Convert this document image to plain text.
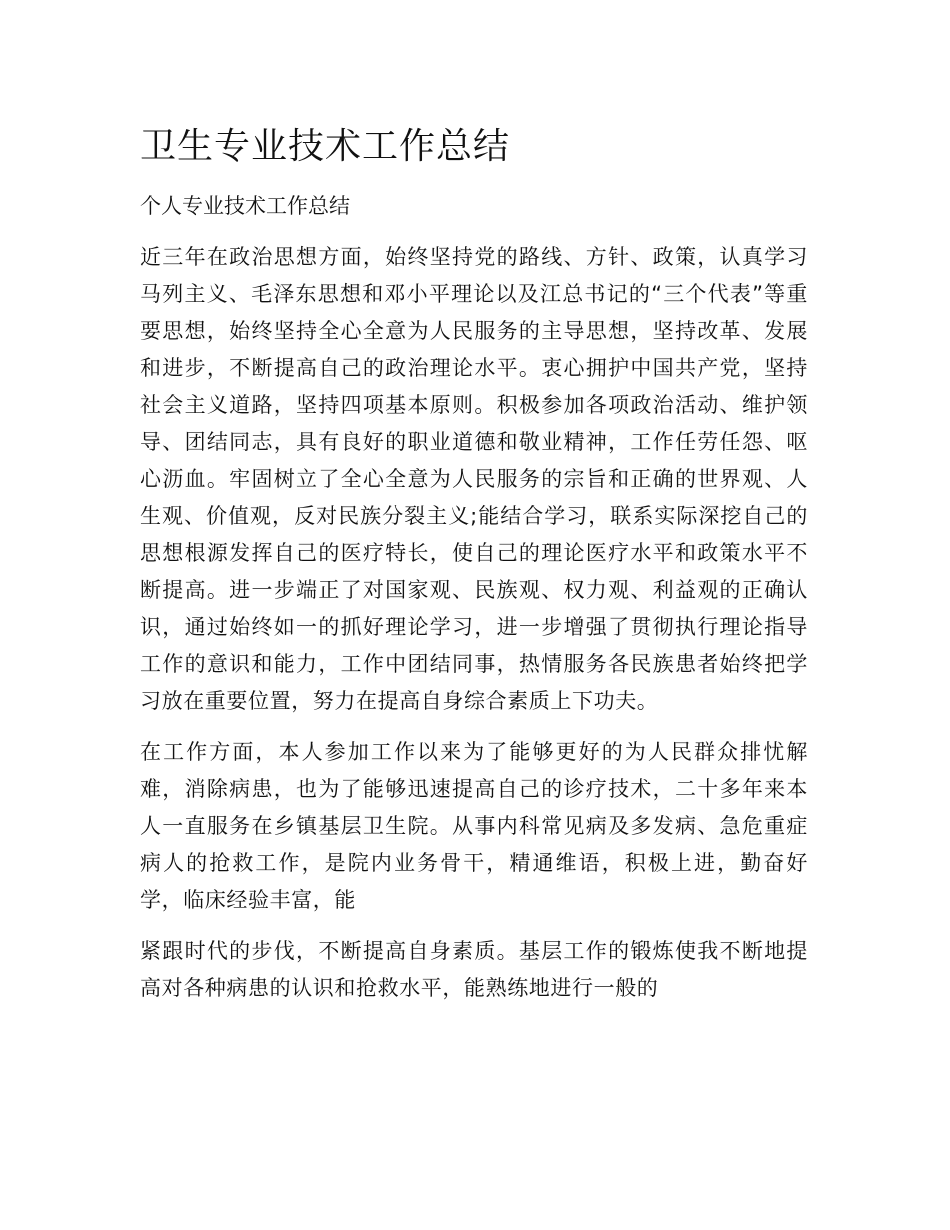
卫生专业技术工作总结
个人专业技术工作总结

近三年在政治思想方面，始终坚持党的路线、方针、政策，认真学习马列主义、毛泽东思想和邓小平理论以及江总书记的“三个代表”等重要思想，始终坚持全心全意为人民服务的主导思想，坚持改革、发展和进步，不断提高自己的政治理论水平。衷心拥护中国共产党，坚持社会主义道路，坚持四项基本原则。积极参加各项政治活动、维护领导、团结同志，具有良好的职业道德和敬业精神，工作任劳任怨、呕心沥血。牢固树立了全心全意为人民服务的宗旨和正确的世界观、人生观、价值观，反对民族分裂主义;能结合学习，联系实际深挖自己的思想根源发挥自己的医疗特长，使自己的理论医疗水平和政策水平不断提高。进一步端正了对国家观、民族观、权力观、利益观的正确认识，通过始终如一的抓好理论学习，进一步增强了贯彻执行理论指导工作的意识和能力，工作中团结同事，热情服务各民族患者始终把学习放在重要位置，努力在提高自身综合素质上下功夫。

在工作方面，本人参加工作以来为了能够更好的为人民群众排忧解难，消除病患，也为了能够迅速提高自己的诊疗技术，二十多年来本人一直服务在乡镇基层卫生院。从事内科常见病及多发病、急危重症病人的抢救工作，是院内业务骨干，精通维语，积极上进，勤奋好学，临床经验丰富，能

紧跟时代的步伐，不断提高自身素质。基层工作的锻炼使我不断地提高对各种病患的认识和抢救水平，能熟练地进行一般的
